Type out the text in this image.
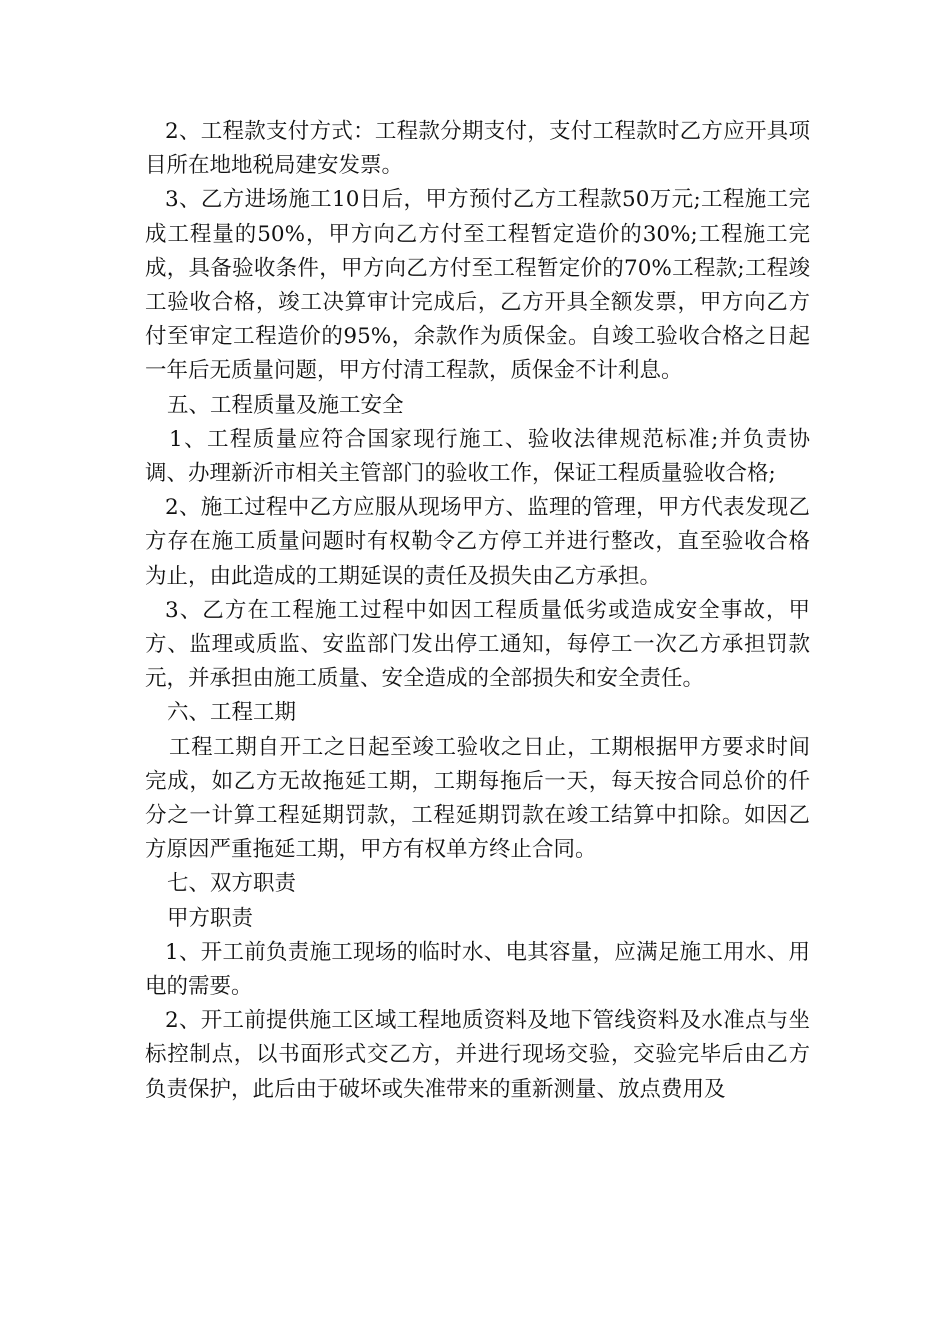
2、工程款支付方式：工程款分期支付，支付工程款时乙方应开具项目所在地地税局建安发票。

3、乙方进场施工10日后，甲方预付乙方工程款50万元;工程施工完成工程量的50%，甲方向乙方付至工程暂定造价的30%;工程施工完成，具备验收条件，甲方向乙方付至工程暂定价的70%工程款;工程竣工验收合格，竣工决算审计完成后，乙方开具全额发票，甲方向乙方付至审定工程造价的95%，余款作为质保金。自竣工验收合格之日起一年后无质量问题，甲方付清工程款，质保金不计利息。

五、工程质量及施工安全

1、工程质量应符合国家现行施工、验收法律规范标准;并负责协调、办理新沂市相关主管部门的验收工作，保证工程质量验收合格;

2、施工过程中乙方应服从现场甲方、监理的管理，甲方代表发现乙方存在施工质量问题时有权勒令乙方停工并进行整改，直至验收合格为止，由此造成的工期延误的责任及损失由乙方承担。

3、乙方在工程施工过程中如因工程质量低劣或造成安全事故，甲方、监理或质监、安监部门发出停工通知，每停工一次乙方承担罚款元，并承担由施工质量、安全造成的全部损失和安全责任。

六、工程工期

工程工期自开工之日起至竣工验收之日止，工期根据甲方要求时间完成，如乙方无故拖延工期，工期每拖后一天，每天按合同总价的仟分之一计算工程延期罚款，工程延期罚款在竣工结算中扣除。如因乙方原因严重拖延工期，甲方有权单方终止合同。

七、双方职责

甲方职责

1、开工前负责施工现场的临时水、电其容量，应满足施工用水、用电的需要。

2、开工前提供施工区域工程地质资料及地下管线资料及水准点与坐标控制点，以书面形式交乙方，并进行现场交验，交验完毕后由乙方负责保护，此后由于破坏或失准带来的重新测量、放点费用及
